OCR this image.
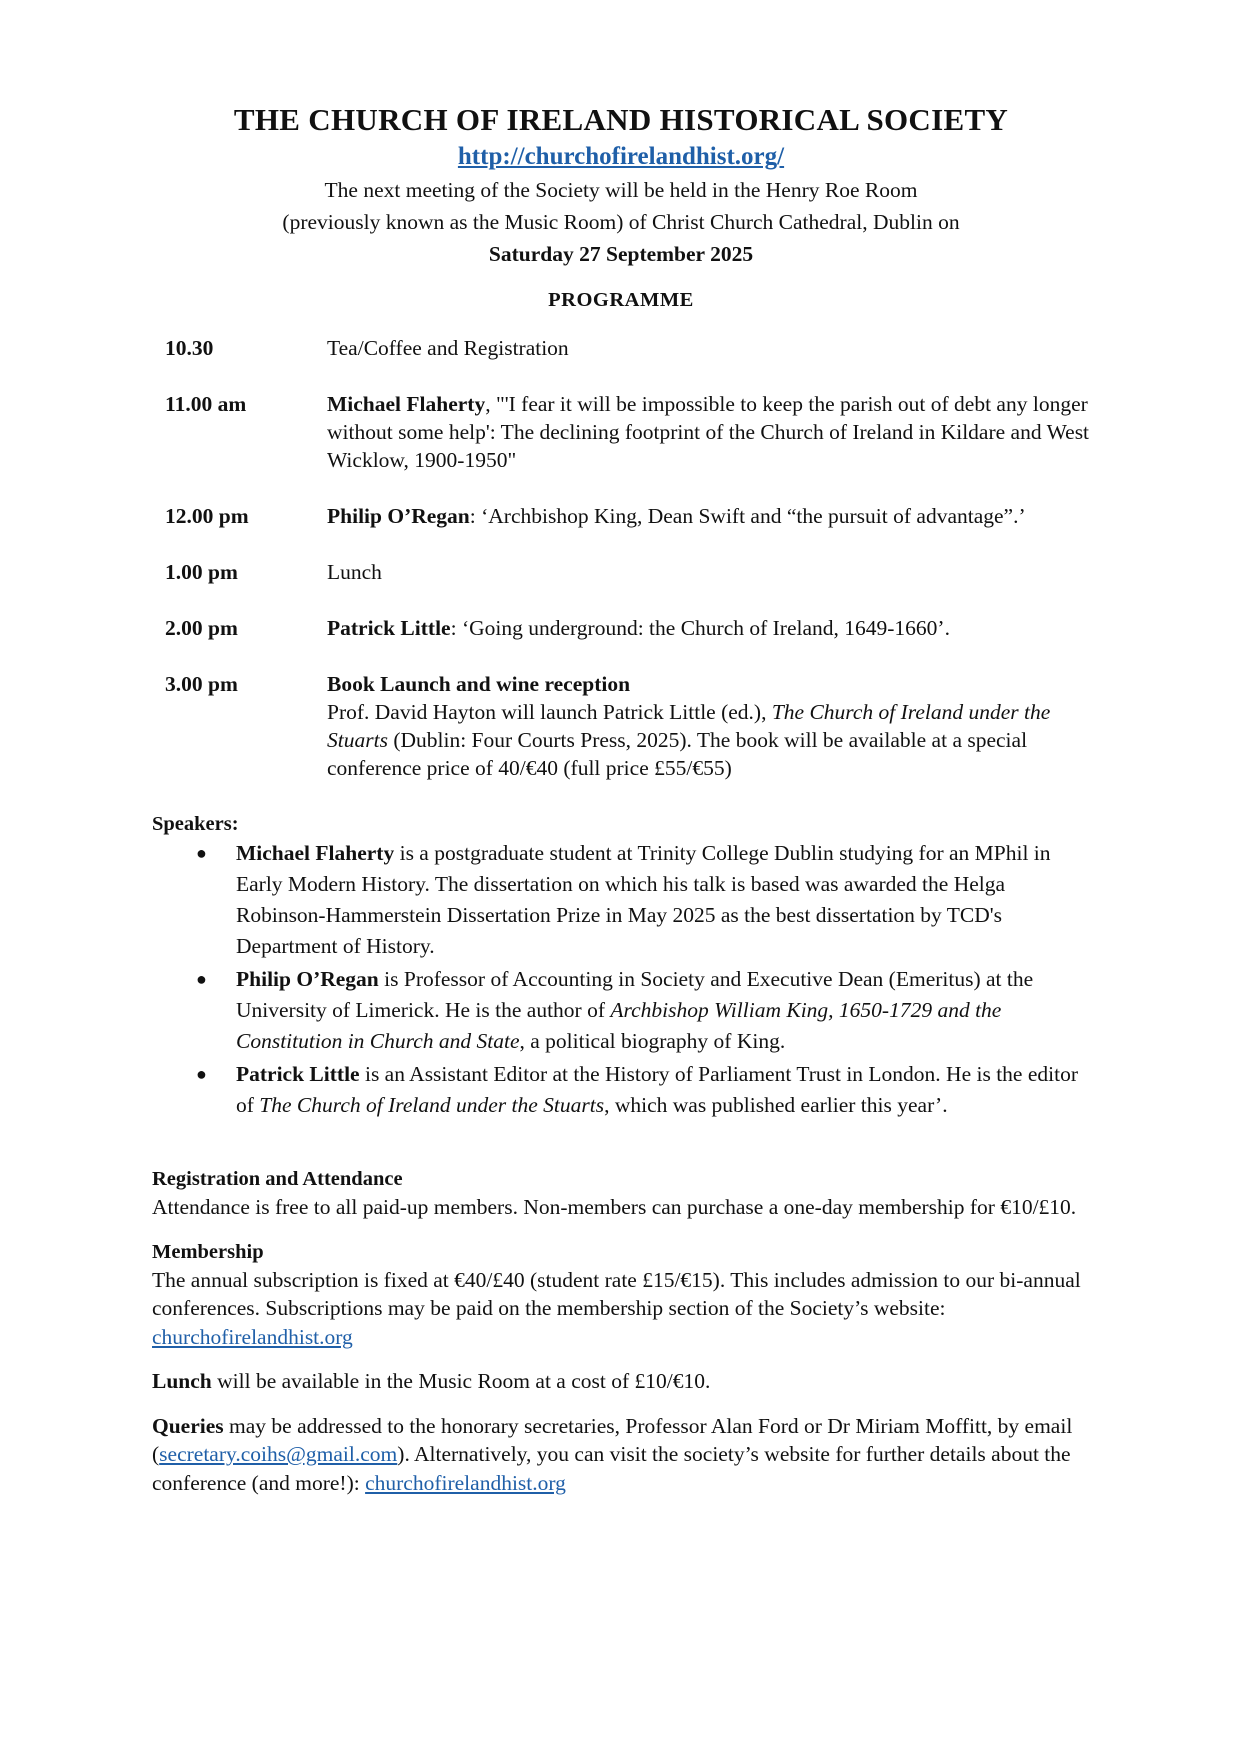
THE CHURCH OF IRELAND HISTORICAL SOCIETY
http://churchofirelandhist.org/

The next meeting of the Society will be held in the Henry Roe Room

(previously known as the Music Room) of Christ Church Cathedral, Dublin on

Saturday 27 September 2025

PROGRAMME

10.30	Tea/Coffee and Registration
11.00 am	Michael Flaherty, "'I fear it will be impossible to keep the parish out of debt any longer without some help': The declining footprint of the Church of Ireland in Kildare and West Wicklow, 1900-1950"
12.00 pm	Philip O’Regan: ‘Archbishop King, Dean Swift and “the pursuit of advantage”.’
1.00 pm	Lunch
2.00 pm	Patrick Little: ‘Going underground: the Church of Ireland, 1649-1660’.
3.00 pm	Book Launch and wine reception
Prof. David Hayton will launch Patrick Little (ed.), The Church of Ireland under the Stuarts (Dublin: Four Courts Press, 2025). The book will be available at a special conference price of 40/€40 (full price £55/€55)

Speakers:

● Michael Flaherty is a postgraduate student at Trinity College Dublin studying for an MPhil in Early Modern History. The dissertation on which his talk is based was awarded the Helga Robinson-Hammerstein Dissertation Prize in May 2025 as the best dissertation by TCD's Department of History.
● Philip O’Regan is Professor of Accounting in Society and Executive Dean (Emeritus) at the University of Limerick. He is the author of Archbishop William King, 1650-1729 and the Constitution in Church and State, a political biography of King.
● Patrick Little is an Assistant Editor at the History of Parliament Trust in London. He is the editor of The Church of Ireland under the Stuarts, which was published earlier this year’.

Registration and Attendance

Attendance is free to all paid-up members. Non-members can purchase a one-day membership for €10/£10.

Membership

The annual subscription is fixed at €40/£40 (student rate £15/€15). This includes admission to our bi-annual conferences. Subscriptions may be paid on the membership section of the Society’s website: churchofirelandhist.org

Lunch will be available in the Music Room at a cost of £10/€10.

Queries may be addressed to the honorary secretaries, Professor Alan Ford or Dr Miriam Moffitt, by email (secretary.coihs@gmail.com). Alternatively, you can visit the society’s website for further details about the conference (and more!): churchofirelandhist.org
